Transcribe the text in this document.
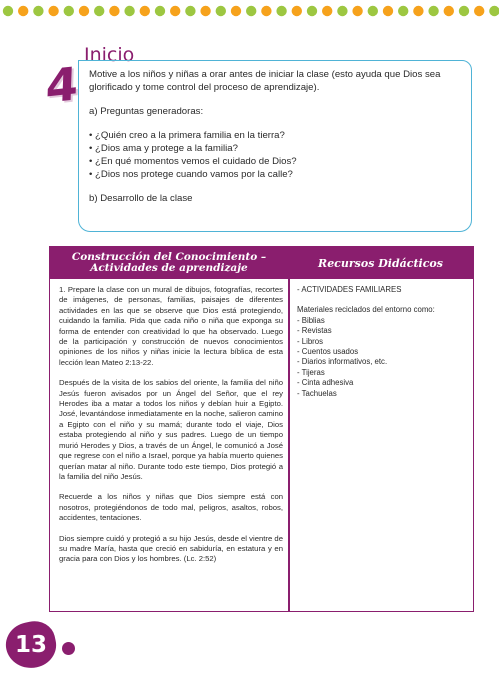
4
Inicio

Motive a los niños y niñas a orar antes de iniciar la clase (esto ayuda que Dios sea glorificado y tome control del proceso de aprendizaje).

a) Preguntas generadoras:

• ¿Quién creo a la primera familia en la tierra?
• ¿Dios ama y protege a la familia?
• ¿En qué momentos vemos el cuidado de Dios?
• ¿Dios nos protege cuando vamos por la calle?

b) Desarrollo de la clase

Construcción del Conocimiento –
Actividades de aprendizaje	Recursos Didácticos

1. Prepare la clase con un mural de dibujos, fotografías, recortes de imágenes, de personas, familias, paisajes de diferentes actividades en las que se observe que Dios está protegiendo, cuidando la familia. Pida que cada niño o niña que exponga su forma de entender con creatividad lo que ha observado. Luego de la participación y construcción de nuevos conocimientos opiniones de los niños y niñas inicie la lectura bíblica de esta lección lean Mateo 2:13-22.

Después de la visita de los sabios del oriente, la familia del niño Jesús fueron avisados por un Ángel del Señor, que el rey Herodes iba a matar a todos los niños y debían huir a Egipto. José, levantándose inmediatamente en la noche, salieron camino a Egipto con el niño y su mamá; durante todo el viaje, Dios estaba protegiendo al niño y sus padres. Luego de un tiempo murió Herodes y Dios, a través de un Ángel, le comunicó a José que regrese con el niño a Israel, porque ya había muerto quienes querían matar al niño. Durante todo este tiempo, Dios protegió a la familia del niño Jesús.

Recuerde a los niños y niñas que Dios siempre está con nosotros, protegiéndonos de todo mal, peligros, asaltos, robos, accidentes, tentaciones.

Dios siempre cuidó y protegió a su hijo Jesús, desde el vientre de su madre María, hasta que creció en sabiduría, en estatura y en gracia para con Dios y los hombres. (Lc. 2:52)

- ACTIVIDADES FAMILIARES

Materiales reciclados del entorno como:

- Biblias
- Revistas
- Libros
- Cuentos usados
- Diarios informativos, etc.
- Tijeras
- Cinta adhesiva
- Tachuelas
13
